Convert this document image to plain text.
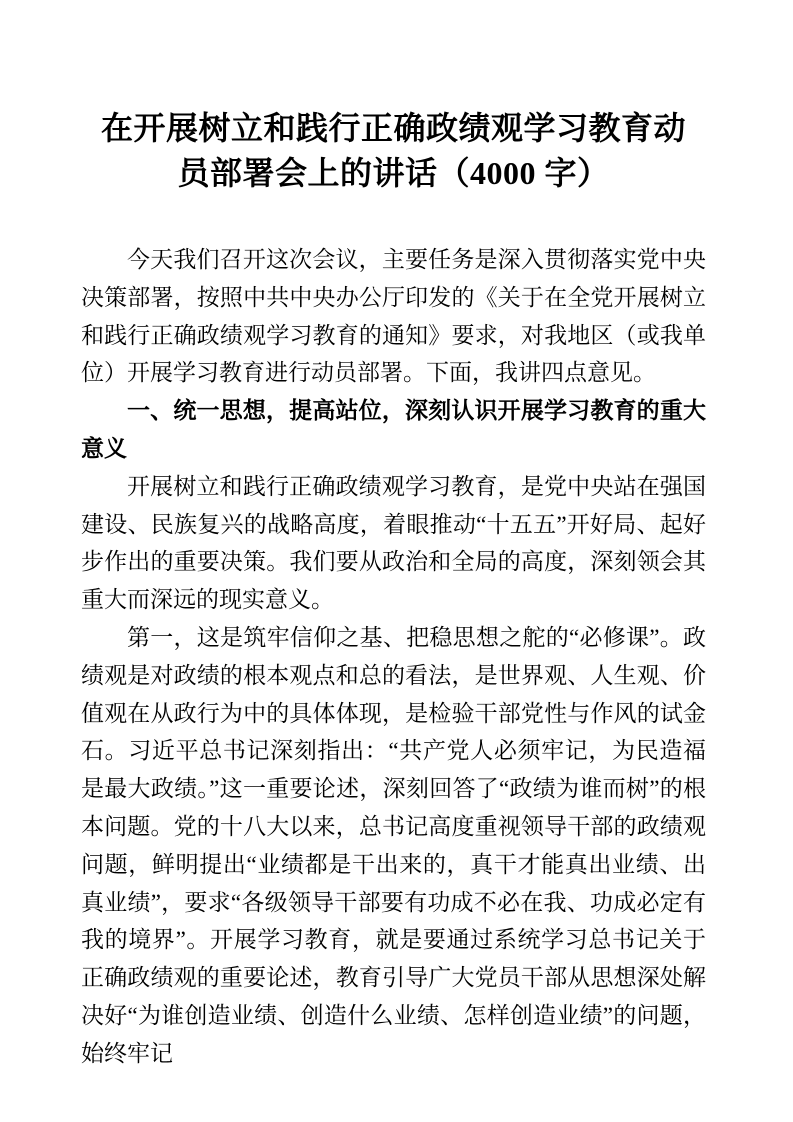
在开展树立和践行正确政绩观学习教育动
员部署会上的讲话（4000 字）

今天我们召开这次会议，主要任务是深入贯彻落实党中央决策部署，按照中共中央办公厅印发的《关于在全党开展树立和践行正确政绩观学习教育的通知》要求，对我地区（或我单位）开展学习教育进行动员部署。下面，我讲四点意见。

一、统一思想，提高站位，深刻认识开展学习教育的重大意义

开展树立和践行正确政绩观学习教育，是党中央站在强国建设、民族复兴的战略高度，着眼推动“十五五”开好局、起好步作出的重要决策。我们要从政治和全局的高度，深刻领会其重大而深远的现实意义。

第一，这是筑牢信仰之基、把稳思想之舵的“必修课”。政绩观是对政绩的根本观点和总的看法，是世界观、人生观、价值观在从政行为中的具体体现，是检验干部党性与作风的试金石。习近平总书记深刻指出：“共产党人必须牢记，为民造福是最大政绩。”这一重要论述，深刻回答了“政绩为谁而树”的根本问题。党的十八大以来，总书记高度重视领导干部的政绩观问题，鲜明提出“业绩都是干出来的，真干才能真出业绩、出真业绩”，要求“各级领导干部要有功成不必在我、功成必定有我的境界”。开展学习教育，就是要通过系统学习总书记关于正确政绩观的重要论述，教育引导广大党员干部从思想深处解决好“为谁创造业绩、创造什么业绩、怎样创造业绩”的问题，始终牢记
